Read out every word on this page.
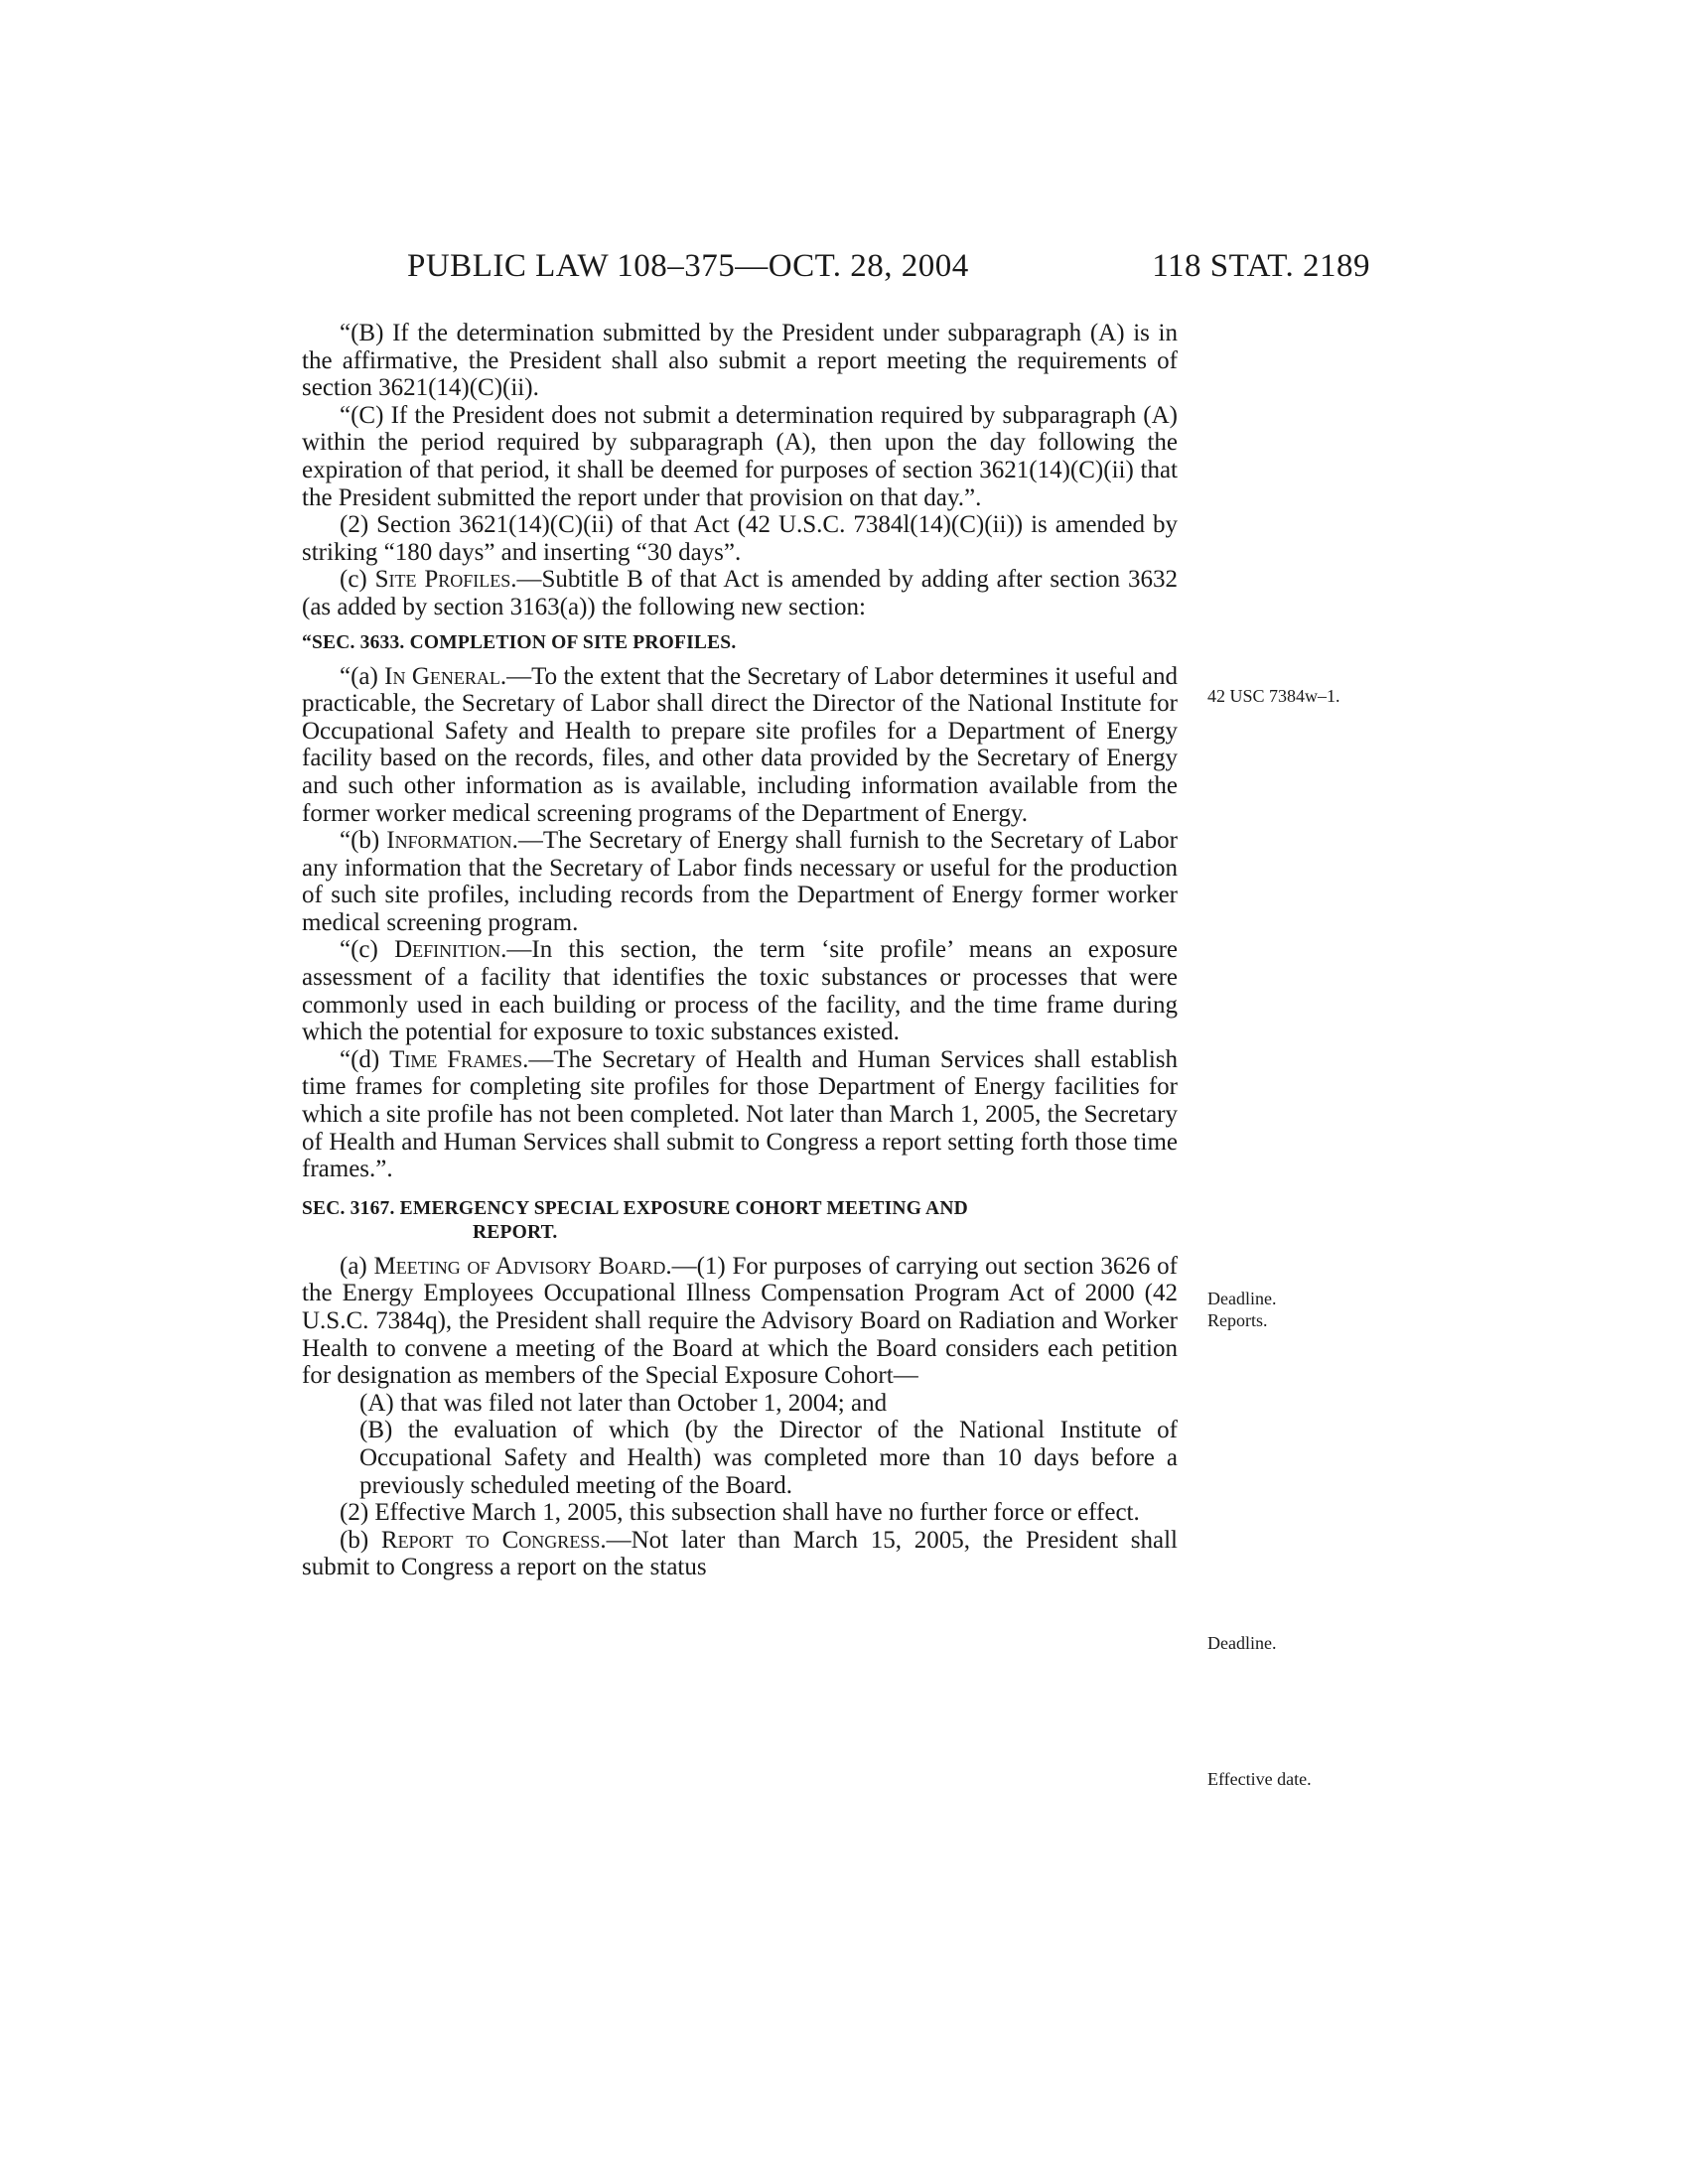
PUBLIC LAW 108–375—OCT. 28, 2004	118 STAT. 2189

“(B) If the determination submitted by the President under subparagraph (A) is in the affirmative, the President shall also submit a report meeting the requirements of section 3621(14)(C)(ii).

“(C) If the President does not submit a determination required by subparagraph (A) within the period required by subparagraph (A), then upon the day following the expiration of that period, it shall be deemed for purposes of section 3621(14)(C)(ii) that the President submitted the report under that provision on that day.”.

(2) Section 3621(14)(C)(ii) of that Act (42 U.S.C. 7384l(14)(C)(ii)) is amended by striking “180 days” and inserting “30 days”.

(c) Site Profiles.—Subtitle B of that Act is amended by adding after section 3632 (as added by section 3163(a)) the following new section:

“SEC. 3633. COMPLETION OF SITE PROFILES.

“(a) In General.—To the extent that the Secretary of Labor determines it useful and practicable, the Secretary of Labor shall direct the Director of the National Institute for Occupational Safety and Health to prepare site profiles for a Department of Energy facility based on the records, files, and other data provided by the Secretary of Energy and such other information as is available, including information available from the former worker medical screening programs of the Department of Energy.

“(b) Information.—The Secretary of Energy shall furnish to the Secretary of Labor any information that the Secretary of Labor finds necessary or useful for the production of such site profiles, including records from the Department of Energy former worker medical screening program.

“(c) Definition.—In this section, the term ‘site profile’ means an exposure assessment of a facility that identifies the toxic substances or processes that were commonly used in each building or process of the facility, and the time frame during which the potential for exposure to toxic substances existed.

“(d) Time Frames.—The Secretary of Health and Human Services shall establish time frames for completing site profiles for those Department of Energy facilities for which a site profile has not been completed. Not later than March 1, 2005, the Secretary of Health and Human Services shall submit to Congress a report setting forth those time frames.”.

SEC. 3167. EMERGENCY SPECIAL EXPOSURE COHORT MEETING AND
REPORT.

(a) Meeting of Advisory Board.—(1) For purposes of carrying out section 3626 of the Energy Employees Occupational Illness Compensation Program Act of 2000 (42 U.S.C. 7384q), the President shall require the Advisory Board on Radiation and Worker Health to convene a meeting of the Board at which the Board considers each petition for designation as members of the Special Exposure Cohort—

(A) that was filed not later than October 1, 2004; and

(B) the evaluation of which (by the Director of the National Institute of Occupational Safety and Health) was completed more than 10 days before a previously scheduled meeting of the Board.

(2) Effective March 1, 2005, this subsection shall have no further force or effect.

(b) Report to Congress.—Not later than March 15, 2005, the President shall submit to Congress a report on the status

42 USC 7384w–1.
Deadline.
Reports.
Deadline.
Effective date.
